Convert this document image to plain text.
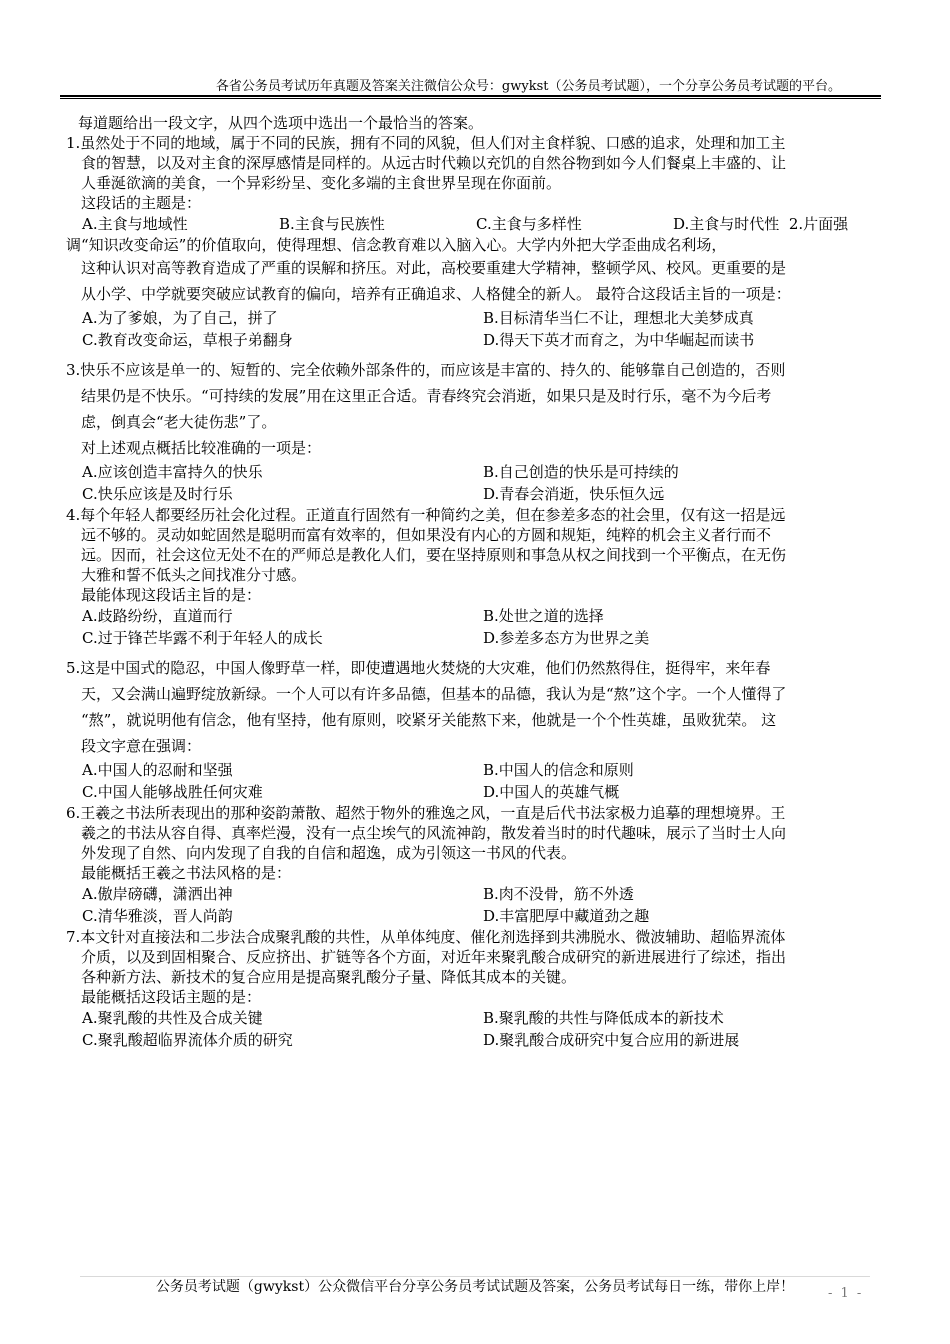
各省公务员考试历年真题及答案关注微信公众号：gwykst（公务员考试题），一个分享公务员考试题的平台。
每道题给出一段文字，从四个选项中选出一个最恰当的答案。
1.虽然处于不同的地域，属于不同的民族，拥有不同的风貌，但人们对主食样貌、口感的追求，处理和加工主
食的智慧，以及对主食的深厚感情是同样的。从远古时代赖以充饥的自然谷物到如今人们餐桌上丰盛的、让
人垂涎欲滴的美食，一个异彩纷呈、变化多端的主食世界呈现在你面前。
这段话的主题是：
A.主食与地域性	B.主食与民族性	C.主食与多样性	D.主食与时代性
2.片面强
调“知识改变命运”的价值取向，使得理想、信念教育难以入脑入心。大学内外把大学歪曲成名利场，
这种认识对高等教育造成了严重的误解和挤压。对此，高校要重建大学精神，整顿学风、校风。更重要的是
从小学、中学就要突破应试教育的偏向，培养有正确追求、人格健全的新人。 最符合这段话主旨的一项是：
A.为了爹娘，为了自己，拼了	B.目标清华当仁不让，理想北大美梦成真
C.教育改变命运，草根子弟翻身	D.得天下英才而育之，为中华崛起而读书
3.快乐不应该是单一的、短暂的、完全依赖外部条件的，而应该是丰富的、持久的、能够靠自己创造的，否则
结果仍是不快乐。“可持续的发展”用在这里正合适。青春终究会消逝，如果只是及时行乐，毫不为今后考
虑，倒真会“老大徒伤悲”了。
对上述观点概括比较准确的一项是：
A.应该创造丰富持久的快乐	B.自己创造的快乐是可持续的
C.快乐应该是及时行乐	D.青春会消逝，快乐恒久远
4.每个年轻人都要经历社会化过程。正道直行固然有一种简约之美，但在参差多态的社会里，仅有这一招是远
远不够的。灵动如蛇固然是聪明而富有效率的，但如果没有内心的方圆和规矩，纯粹的机会主义者行而不
远。因而，社会这位无处不在的严师总是教化人们，要在坚持原则和事急从权之间找到一个平衡点，在无伤
大雅和誓不低头之间找准分寸感。
最能体现这段话主旨的是：
A.歧路纷纷，直道而行	B.处世之道的选择
C.过于锋芒毕露不利于年轻人的成长	D.参差多态方为世界之美
5.这是中国式的隐忍，中国人像野草一样，即使遭遇地火焚烧的大灾难，他们仍然熬得住，挺得牢，来年春
天，又会满山遍野绽放新绿。一个人可以有许多品德，但基本的品德，我认为是“熬”这个字。一个人懂得了
“熬”，就说明他有信念，他有坚持，他有原则，咬紧牙关能熬下来，他就是一个个性英雄，虽败犹荣。 这
段文字意在强调：
A.中国人的忍耐和坚强	B.中国人的信念和原则
C.中国人能够战胜任何灾难	D.中国人的英雄气概
6.王羲之书法所表现出的那种姿韵萧散、超然于物外的雅逸之风，一直是后代书法家极力追摹的理想境界。王
羲之的书法从容自得、真率烂漫，没有一点尘埃气的风流神韵，散发着当时的时代趣味，展示了当时士人向
外发现了自然、向内发现了自我的自信和超逸，成为引领这一书风的代表。
最能概括王羲之书法风格的是：
A.傲岸磅礴，潇洒出神	B.肉不没骨，筋不外透
C.清华雅淡，晋人尚韵	D.丰富肥厚中藏道劲之趣
7.本文针对直接法和二步法合成聚乳酸的共性，从单体纯度、催化剂选择到共沸脱水、微波辅助、超临界流体
介质，以及到固相聚合、反应挤出、扩链等各个方面，对近年来聚乳酸合成研究的新进展进行了综述，指出
各种新方法、新技术的复合应用是提高聚乳酸分子量、降低其成本的关键。
最能概括这段话主题的是：
A.聚乳酸的共性及合成关键	B.聚乳酸的共性与降低成本的新技术
C.聚乳酸超临界流体介质的研究	D.聚乳酸合成研究中复合应用的新进展
公务员考试题（gwykst）公众微信平台分享公务员考试试题及答案，公务员考试每日一练，带你上岸！	- 1 -
